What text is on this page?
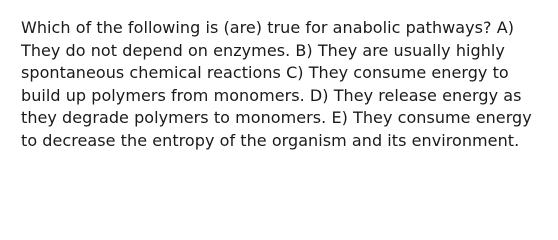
Which of the following is (are) true for anabolic pathways? A)
They do not depend on enzymes. B) They are usually highly
spontaneous chemical reactions C) They consume energy to
build up polymers from monomers. D) They release energy as
they degrade polymers to monomers. E) They consume energy
to decrease the entropy of the organism and its environment.
